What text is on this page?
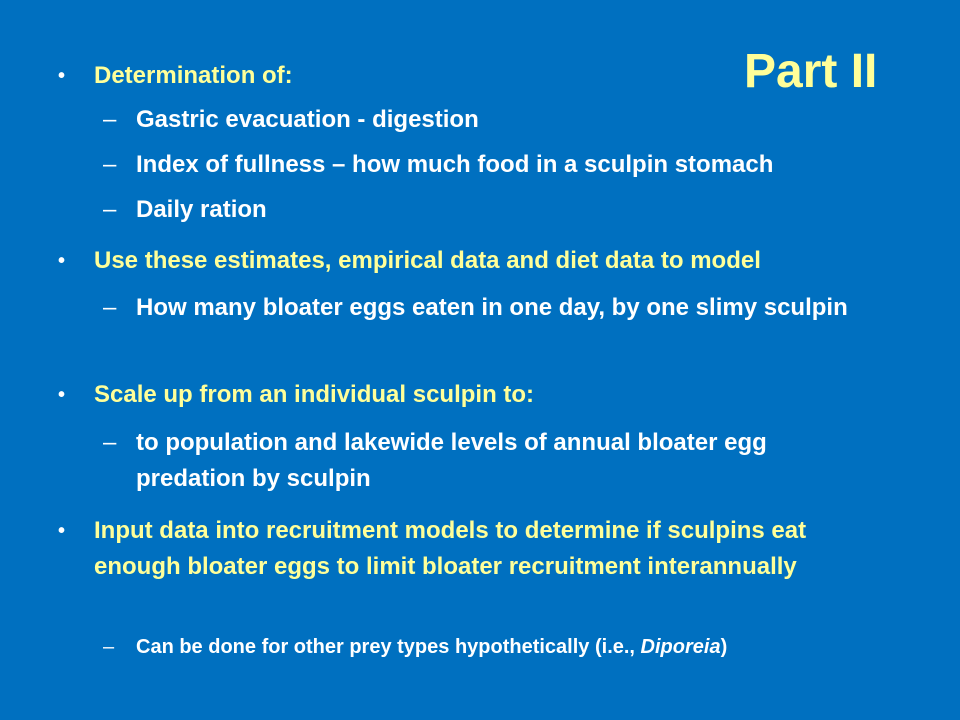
Part II
• Determination of:
– Gastric evacuation - digestion
– Index of fullness – how much food in a sculpin stomach
– Daily ration
• Use these estimates, empirical data and diet data to model
– How many bloater eggs eaten in one day, by one slimy sculpin
• Scale up from an individual sculpin to:
– to population and lakewide levels of annual bloater egg predation by sculpin
• Input data into recruitment models to determine if sculpins eat enough bloater eggs to limit bloater recruitment interannually
– Can be done for other prey types hypothetically (i.e., Diporeia)
